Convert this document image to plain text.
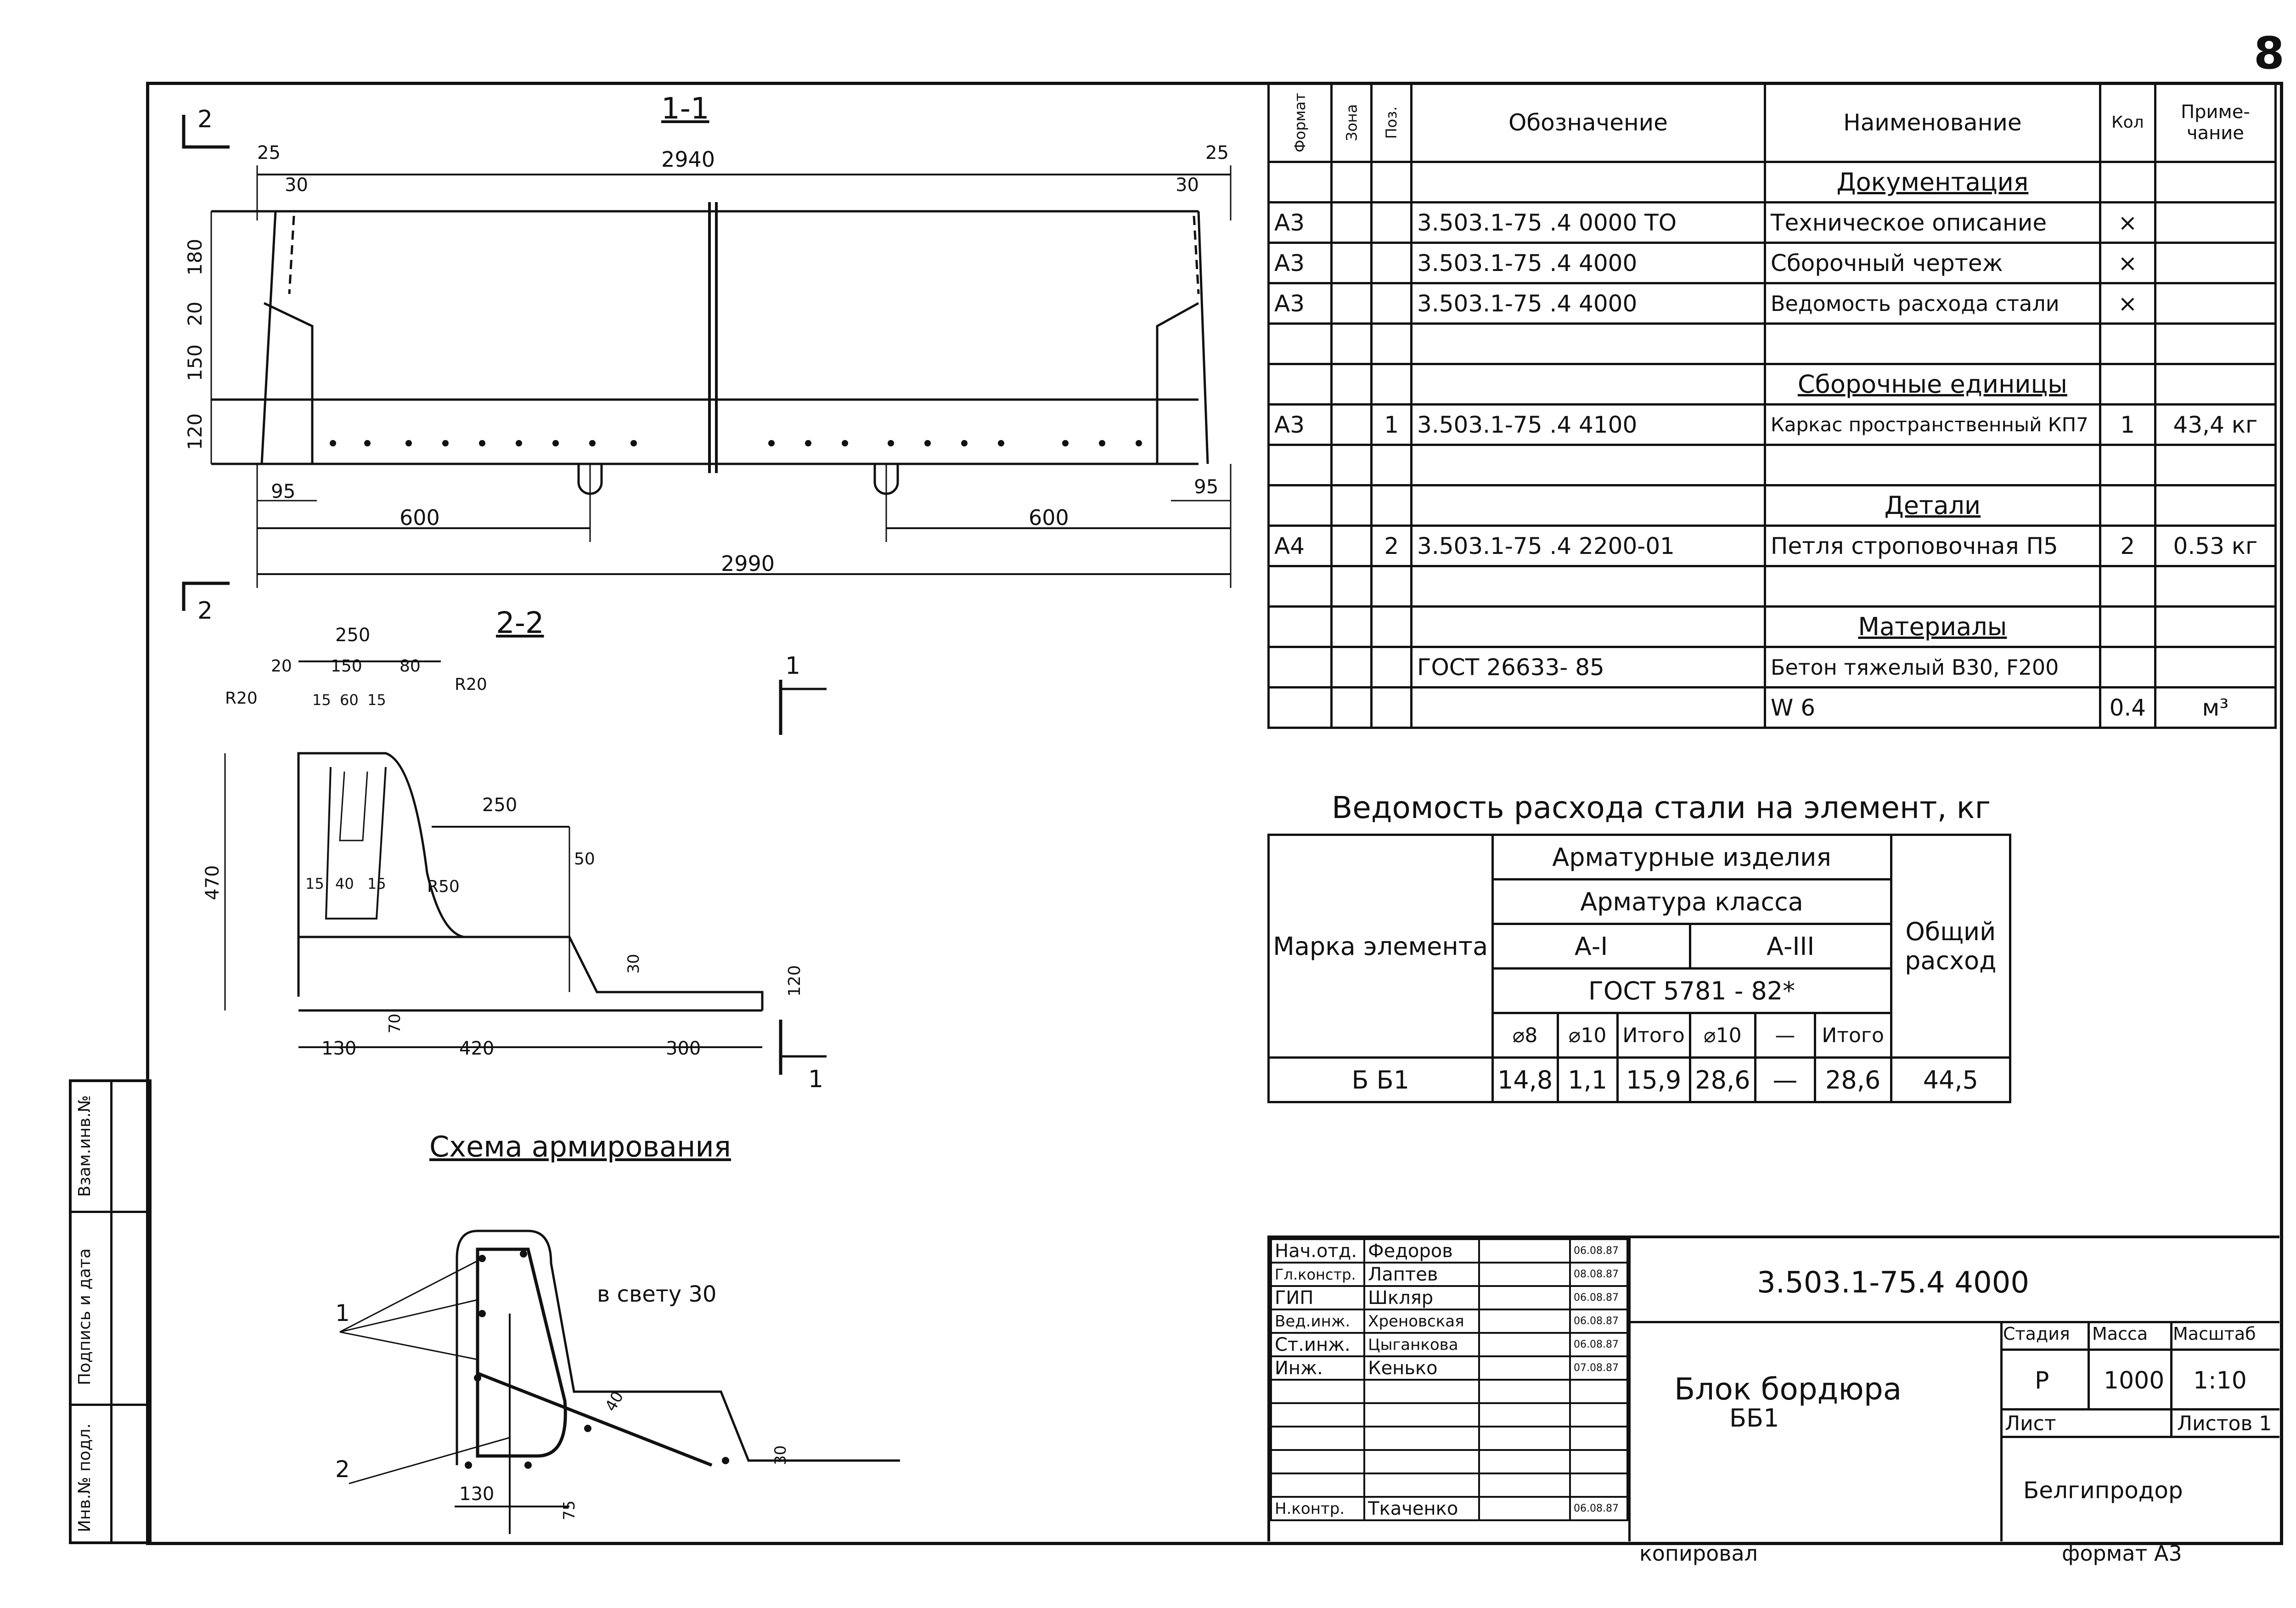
8
Взам.инв.№
Подпись и дата
Инв.№ подл.
1-1
2
2
25	2940	25
30	30
180
20
150
120
95	95
600	600
2990
2-2
1
1
250
20 150 80
R20
R20
15 60 15
15 40 15 R50
470
250
50
30
120
70
130	420	300
Схема армирования
1
2
в свету 30
40
30
130
75
Формат	Зона	Поз.	Обозначение	Наименование	Кол	Приме-чание
				Документация		
А3			3.503.1-75 .4 0000 ТО	Техническое описание	×	
А3			3.503.1-75 .4 4000	Сборочный чертеж	×	
А3			3.503.1-75 .4 4000	Ведомость расхода стали	×	

				Сборочные единицы		
А3		1	3.503.1-75 .4 4100	Каркас пространственный КП7	1	43,4 кг

				Детали		
А4		2	3.503.1-75 .4 2200-01	Петля строповочная П5	2	0.53 кг

				Материалы		
			ГОСТ 26633- 85	Бетон тяжелый В30, F200		
				W 6	0.4	м³
Ведомость расхода стали на элемент, кг
Марка элемента	Арматурные изделия						Общий расход
	Арматура класса						
	А-I			А-III			
	ГОСТ 5781 - 82*						
	⌀8	⌀10	Итого	⌀10	—	Итого	
Б Б1	14,8	1,1	15,9	28,6	—	28,6	44,5
Нач.отд.	Федоров		06.08.87
Гл.констр.	Лаптев		08.08.87
ГИП	Шкляр		06.08.87
Вед.инж.	Хреновская		06.08.87
Ст.инж.	Цыганкова		06.08.87
Инж.	Кенько		07.08.87

Н.контр.	Ткаченко		06.08.87
3.503.1-75.4 4000
Блок бордюра
ББ1
Стадия Масса Масштаб
Р 1000 1:10
Лист	Листов 1
Белгипродор
копировал	формат А3
